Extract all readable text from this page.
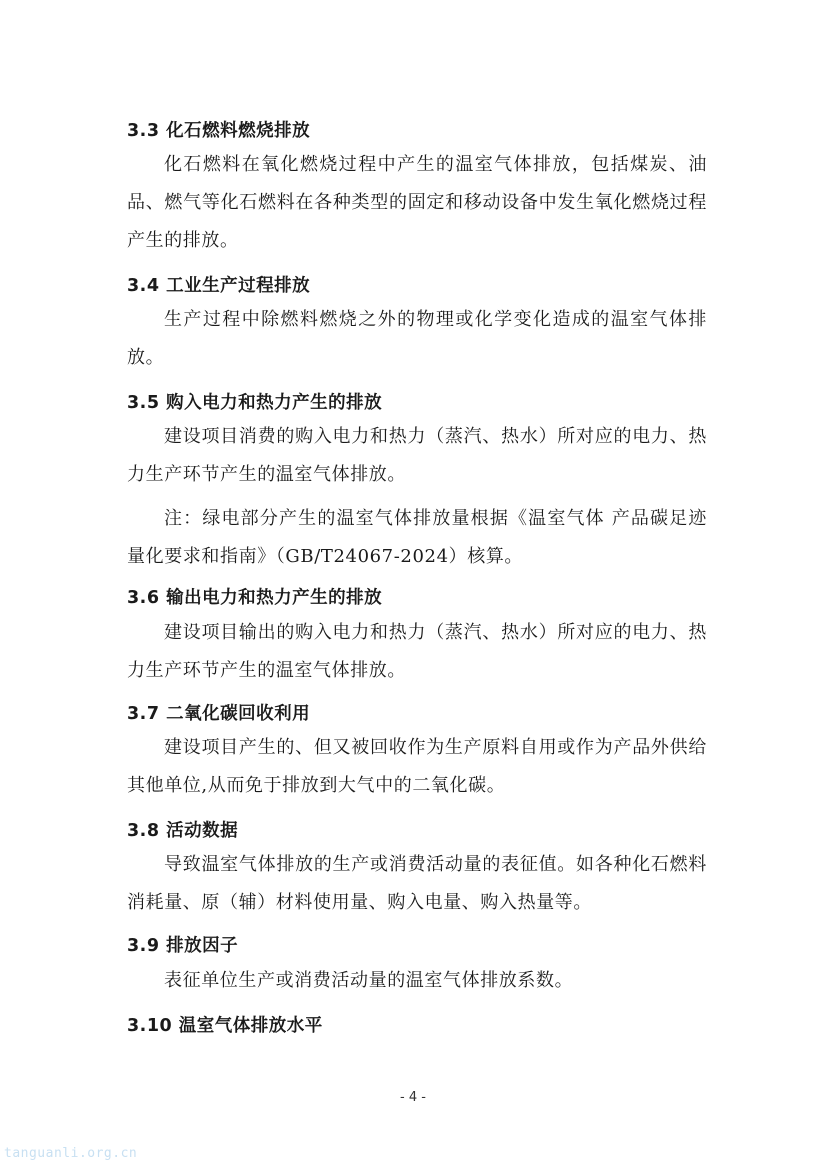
3.3 化石燃料燃烧排放
化石燃料在氧化燃烧过程中产生的温室气体排放，包括煤炭、油品、燃气等化石燃料在各种类型的固定和移动设备中发生氧化燃烧过程产生的排放。
3.4 工业生产过程排放
生产过程中除燃料燃烧之外的物理或化学变化造成的温室气体排放。
3.5 购入电力和热力产生的排放
建设项目消费的购入电力和热力（蒸汽、热水）所对应的电力、热力生产环节产生的温室气体排放。
注：绿电部分产生的温室气体排放量根据《温室气体 产品碳足迹量化要求和指南》（GB/T24067-2024）核算。
3.6 输出电力和热力产生的排放
建设项目输出的购入电力和热力（蒸汽、热水）所对应的电力、热力生产环节产生的温室气体排放。
3.7 二氧化碳回收利用
建设项目产生的、但又被回收作为生产原料自用或作为产品外供给其他单位,从而免于排放到大气中的二氧化碳。
3.8 活动数据
导致温室气体排放的生产或消费活动量的表征值。如各种化石燃料消耗量、原（辅）材料使用量、购入电量、购入热量等。
3.9 排放因子
表征单位生产或消费活动量的温室气体排放系数。
3.10 温室气体排放水平
- 4 -
tanguanli.org.cn
